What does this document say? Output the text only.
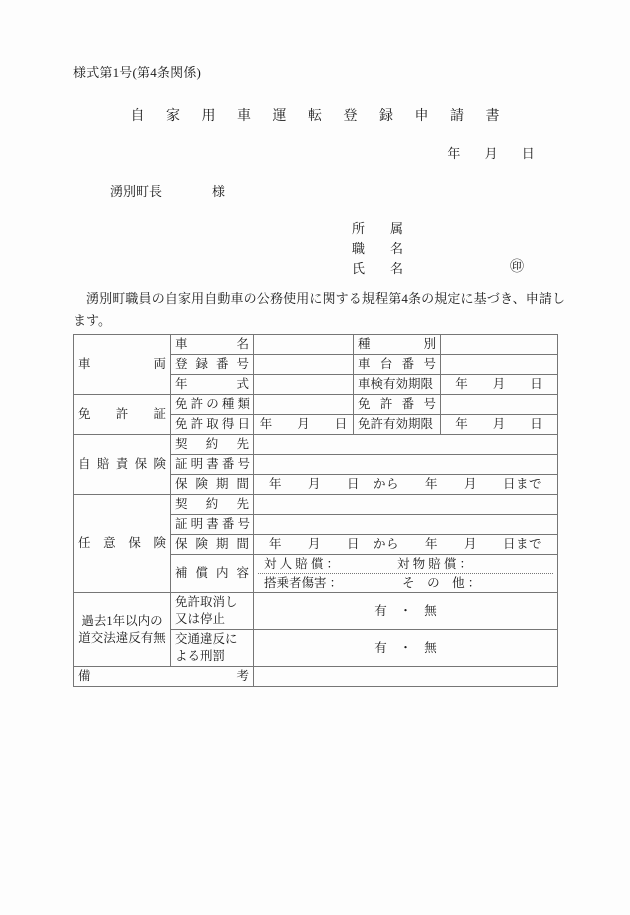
様式第1号(第4条関係)
自 家 用 車 運 転 登 録 申 請 書
年 月 日
湧別町長	様
所　属
職　名
氏　名	㊞
湧別町職員の自家用自動車の公務使用に関する規程第4条の規定に基づき、申請します。
車　　　両	車　　　名		種　　　別	
	登 録 番 号		車 台 番 号	
	年　　　式		車検有効期限	年　　月　　日
免　許　証	免 許 の 種 類		免 許 番 号	
	免 許 取 得 日	年　　月　　日	免許有効期限	年　　月　　日
自 賠 責 保 険	契　約　先			
	証 明 書 番 号			
	保 険 期 間	年　　月　　日　から　　年　　月　　日まで		
任　意　保　険	契　約　先			
	証 明 書 番 号			
	保 険 期 間	年　　月　　日　から　　年　　月　　日まで		
	補 償 内 容	対 人 賠 償 ： 対 物 賠 償 ：
搭乗者傷害 ： そ　の　他 ：		

過去1年以内の道交法違反有無	免許取消し又は停止	有　・　無		
	交通違反による刑罰	有　・　無		
備　　　考				
